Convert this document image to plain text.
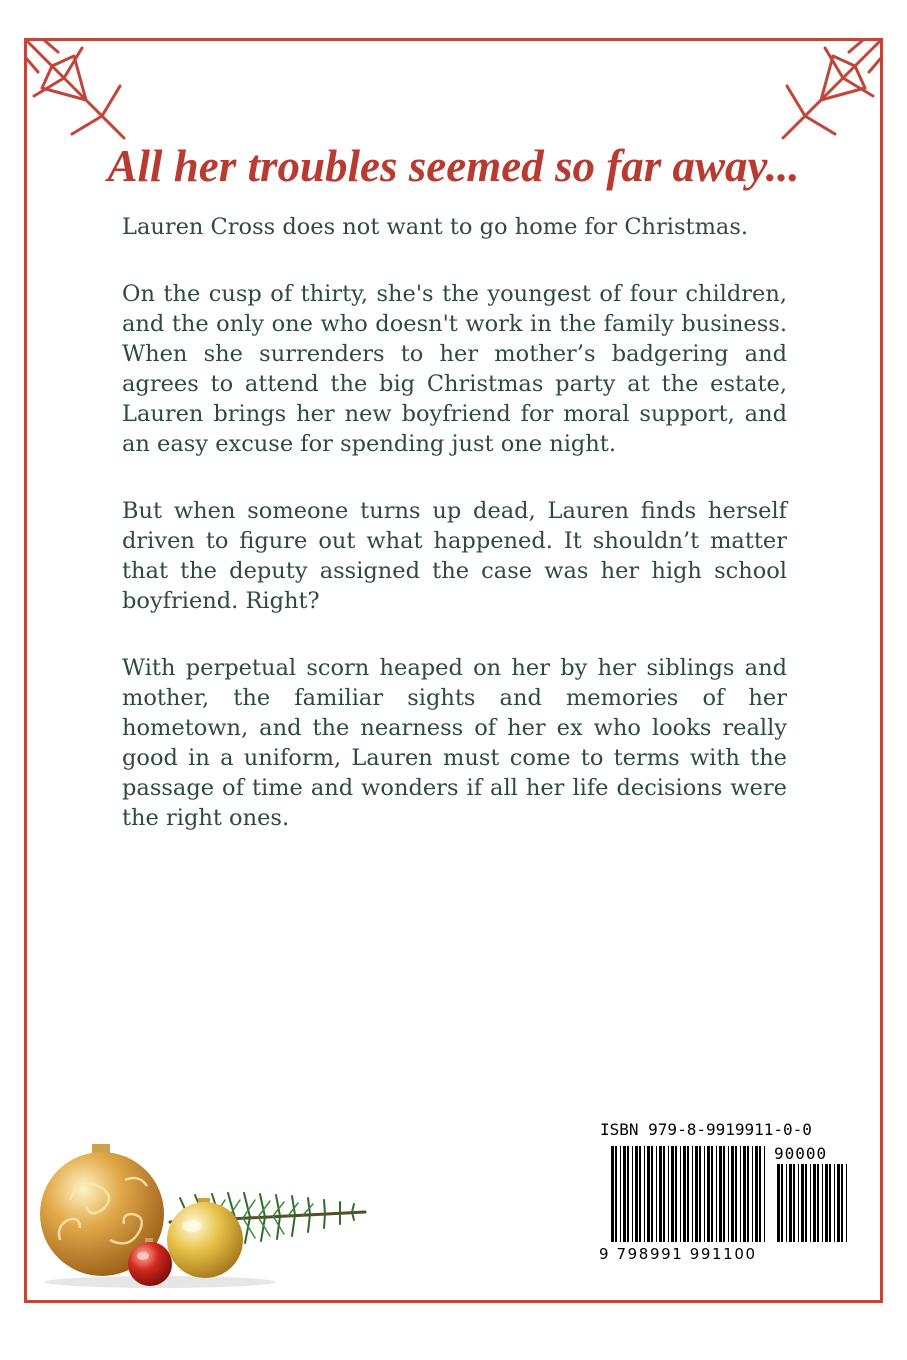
All her troubles seemed so far away...

Lauren Cross does not want to go home for Christmas.

On the cusp of thirty, she's the youngest of four children, and the only one who doesn't work in the family business. When she surrenders to her mother’s badgering and agrees to attend the big Christmas party at the estate, Lauren brings her new boyfriend for moral support, and an easy excuse for spending just one night.

But when someone turns up dead, Lauren finds herself driven to figure out what happened. It shouldn’t matter that the deputy assigned the case was her high school boyfriend. Right?

With perpetual scorn heaped on her by her siblings and mother, the familiar sights and memories of her hometown, and the nearness of her ex who looks really good in a uniform, Lauren must come to terms with the passage of time and wonders if all her life decisions were the right ones.

ISBN 979-8-9919911-0-0
90000
9 798991 991100
